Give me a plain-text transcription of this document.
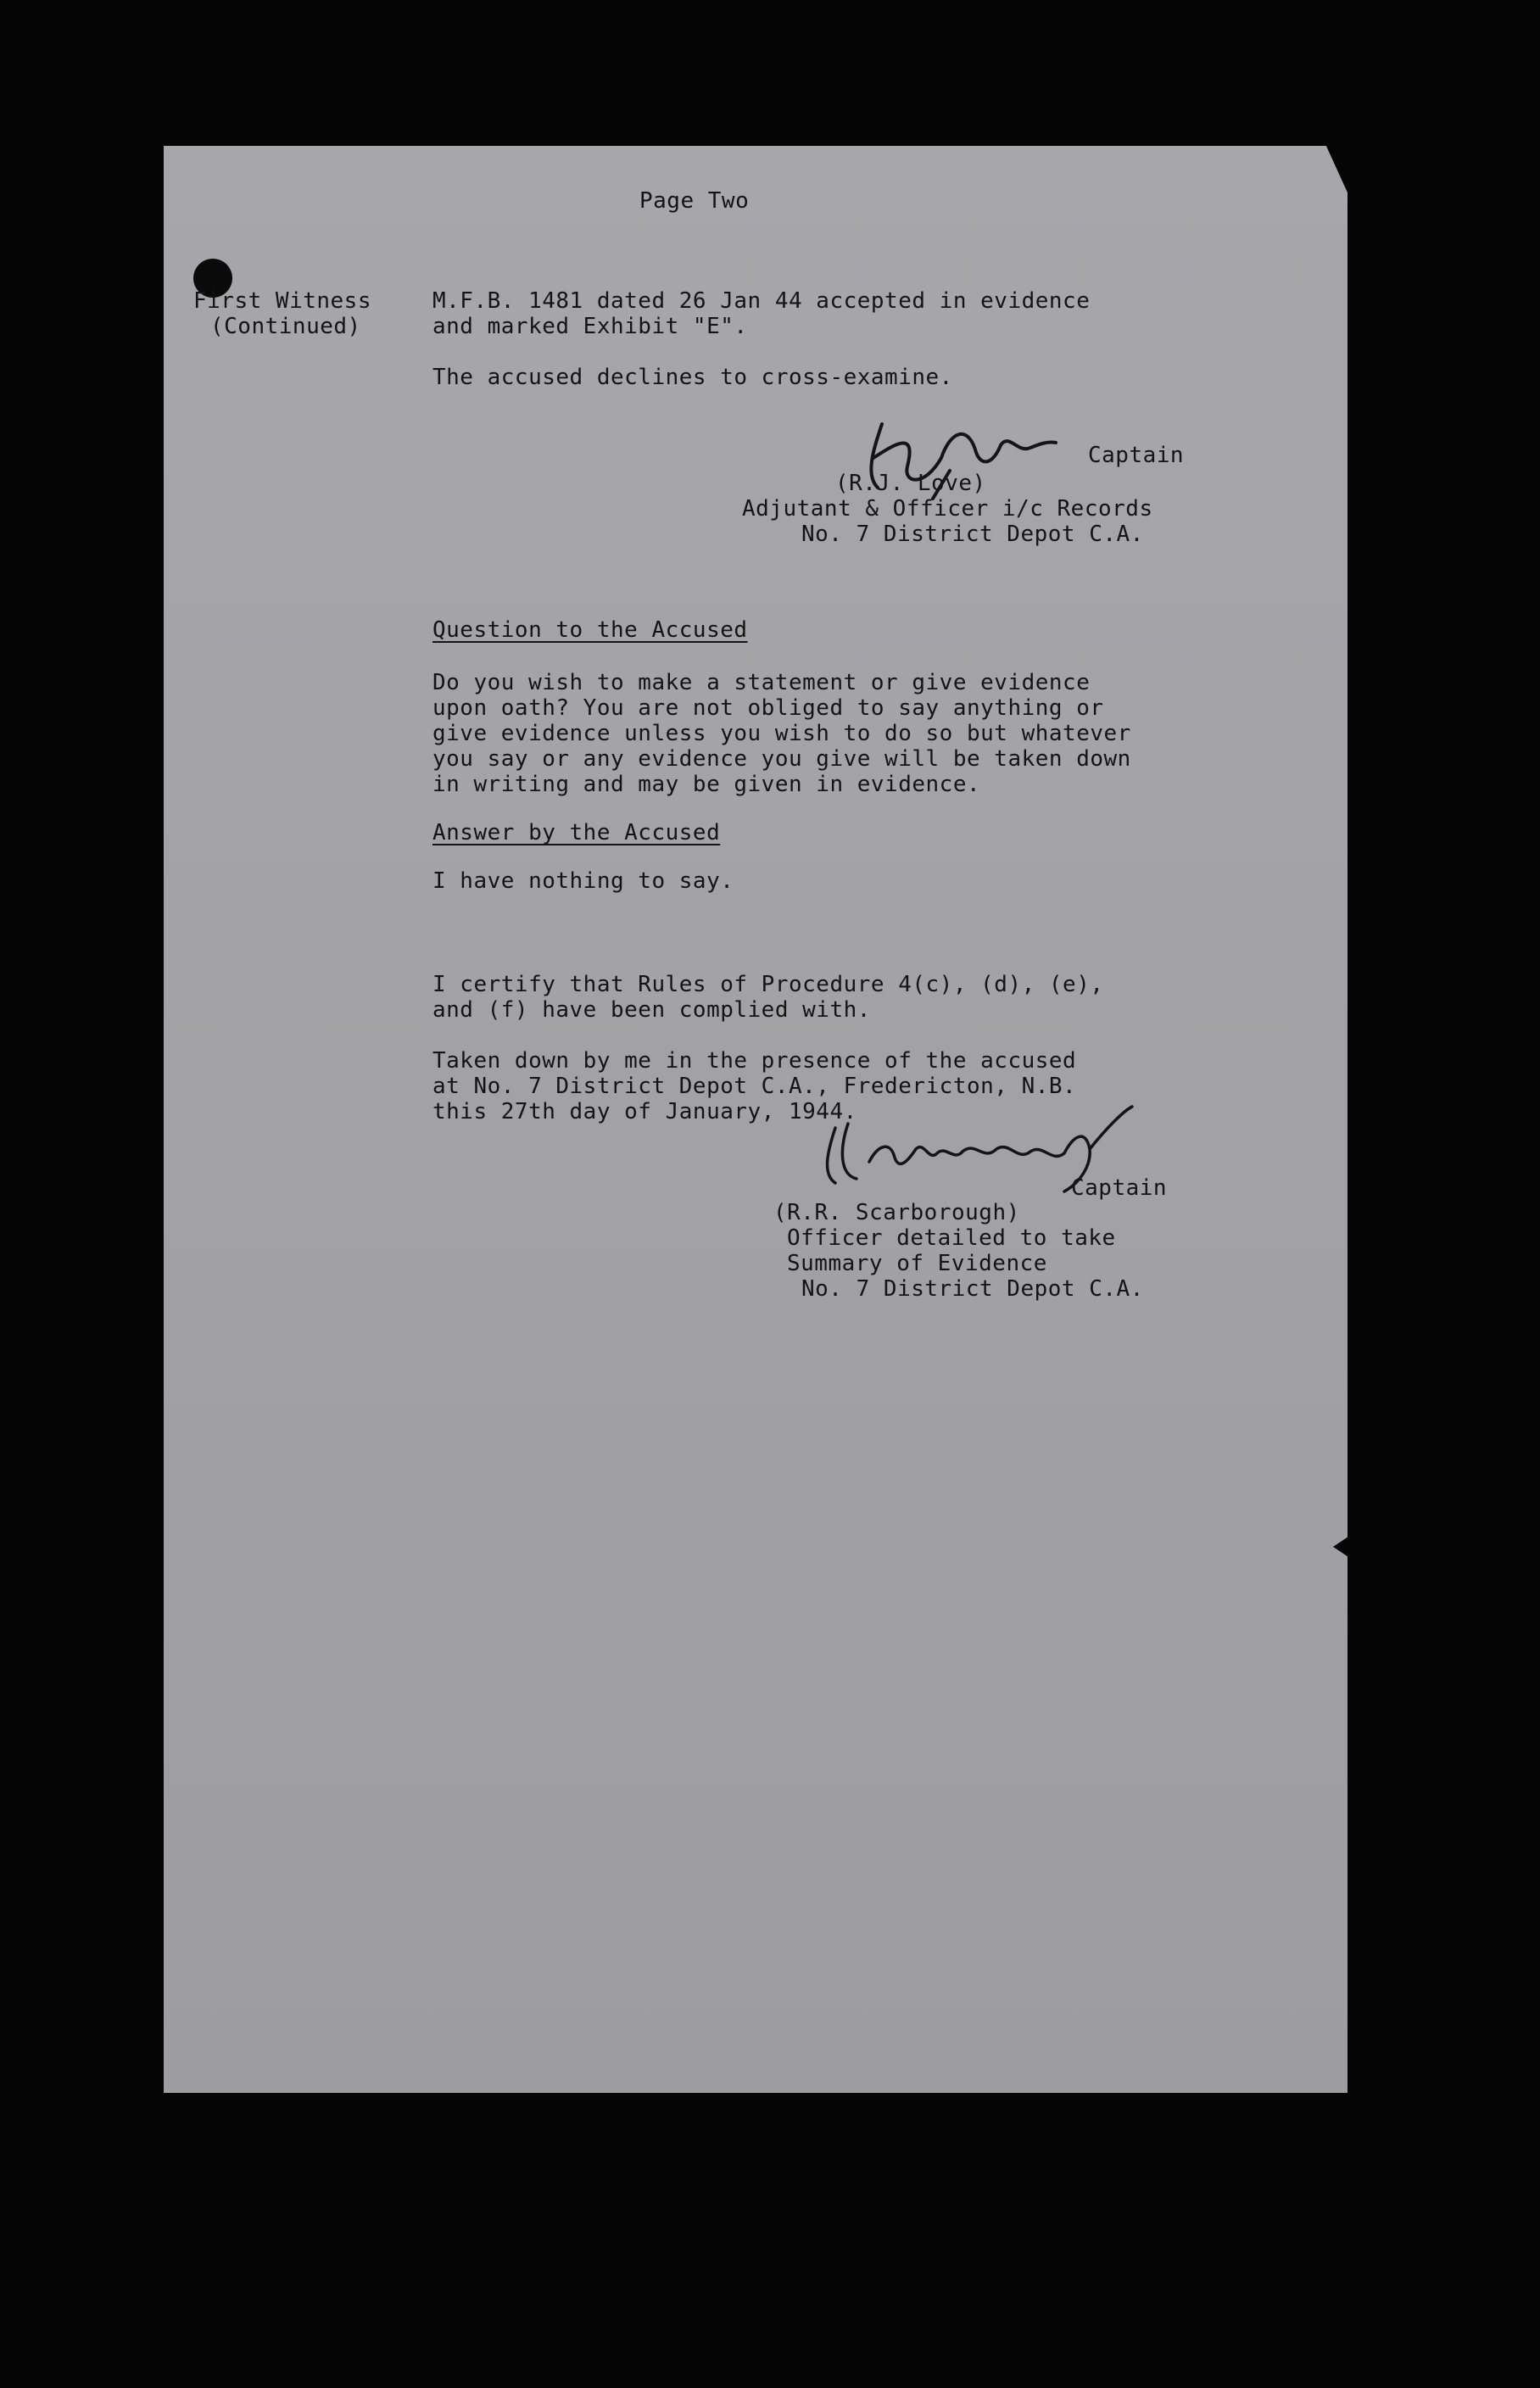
Page Two
First Witness
(Continued)
M.F.B. 1481 dated 26 Jan 44 accepted in evidence
and marked Exhibit "E".
The accused declines to cross-examine.
Captain
(R.J. Love)
Adjutant & Officer i/c Records
No. 7 District Depot C.A.
Question to the Accused
Do you wish to make a statement or give evidence
upon oath? You are not obliged to say anything or
give evidence unless you wish to do so but whatever
you say or any evidence you give will be taken down
in writing and may be given in evidence.
Answer by the Accused
I have nothing to say.
I certify that Rules of Procedure 4(c), (d), (e),
and (f) have been complied with.
Taken down by me in the presence of the accused
at No. 7 District Depot C.A., Fredericton, N.B.
this 27th day of January, 1944.
Captain
(R.R. Scarborough)
Officer detailed to take
Summary of Evidence
No. 7 District Depot C.A.
